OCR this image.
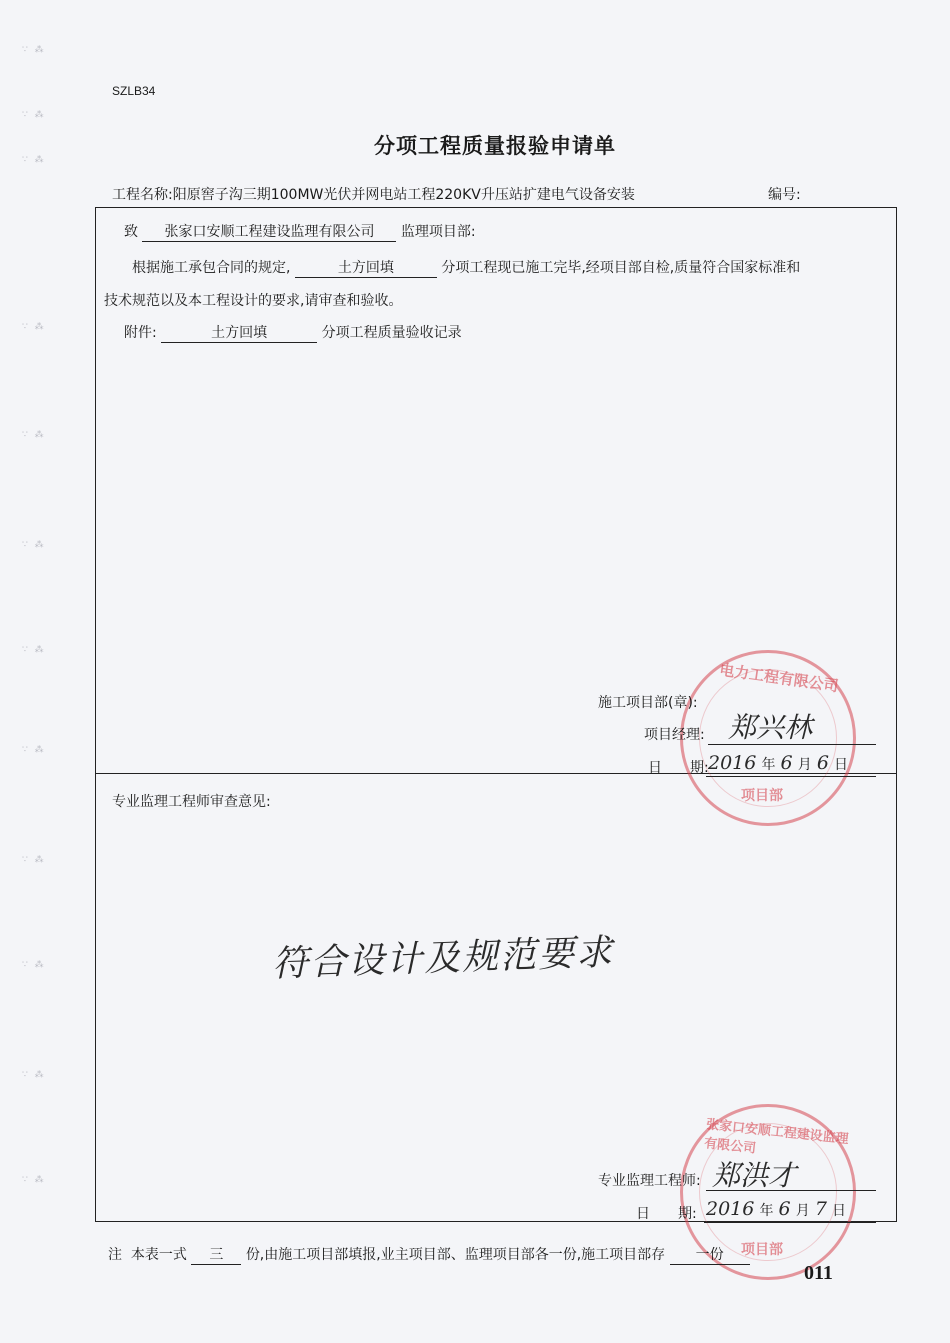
∵ ⁂
∵ ⁂
∵ ⁂
∵ ⁂
∵ ⁂
∵ ⁂
∵ ⁂
∵ ⁂
∵ ⁂
∵ ⁂
∵ ⁂
∵ ⁂
SZLB34
分项工程质量报验申请单
工程名称:阳原窖子沟三期100MW光伏并网电站工程220KV升压站扩建电气设备安装	编号:
致 张家口安顺工程建设监理有限公司 监理项目部:
根据施工承包合同的规定,	土方回填	分项工程现已施工完毕,经项目部自检,质量符合国家标准和
技术规范以及本工程设计的要求,请审查和验收。
附件:	土方回填	分项工程质量验收记录
电力工程有限公司
项目部
施工项目部(章):
项目经理: 郑兴林
日　　期: 2016 年 6 月 6 日
专业监理工程师审查意见:
符合设计及规范要求
张家口安顺工程建设监理有限公司
项目部
专业监理工程师: 郑洪才
日　　期: 2016 年 6 月 7 日
注 本表一式 三 份,由施工项目部填报,业主项目部、监理项目部各一份,施工项目部存 一份
011
